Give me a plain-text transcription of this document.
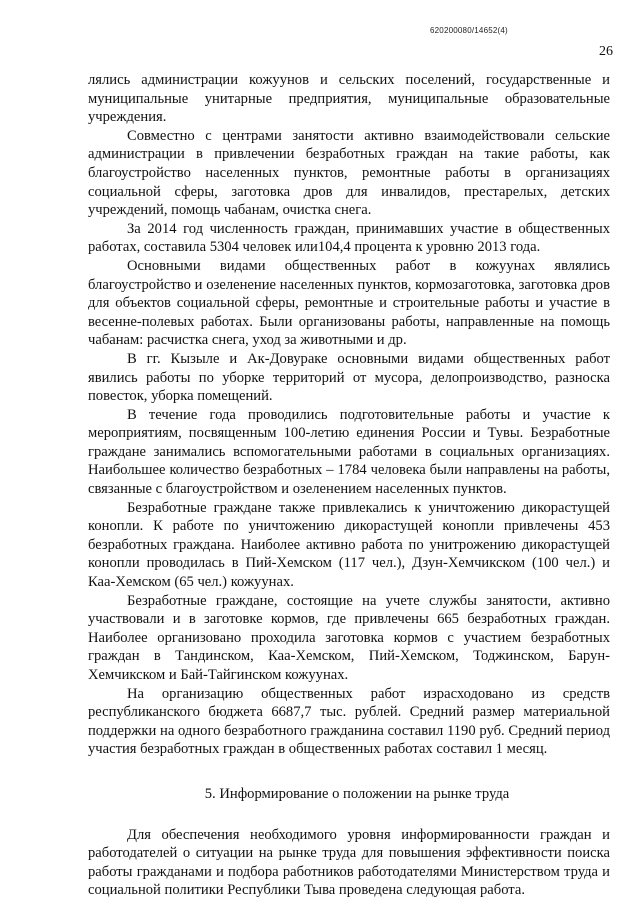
620200080/14652(4)
26

лялись администрации кожуунов и сельских поселений, государственные и муниципальные унитарные предприятия, муниципальные образовательные учреждения.

Совместно с центрами занятости активно взаимодействовали сельские администрации в привлечении безработных граждан на такие работы, как благоустройство населенных пунктов, ремонтные работы в организациях социальной сферы, заготовка дров для инвалидов, престарелых, детских учреждений, помощь чабанам, очистка снега.

За 2014 год численность граждан, принимавших участие в общественных работах, составила 5304 человек или104,4 процента к уровню 2013 года.

Основными видами общественных работ в кожуунах являлись благоустройство и озеленение населенных пунктов, кормозаготовка, заготовка дров для объектов социальной сферы, ремонтные и строительные работы и участие в весенне-полевых работах. Были организованы работы, направленные на помощь чабанам: расчистка снега, уход за животными и др.

В гг. Кызыле и Ак-Довураке основными видами общественных работ явились работы по уборке территорий от мусора, делопроизводство, разноска повесток, уборка помещений.

В течение года проводились подготовительные работы и участие к мероприятиям, посвященным 100-летию единения России и Тувы. Безработные граждане занимались вспомогательными работами в социальных организациях. Наибольшее количество безработных – 1784 человека были направлены на работы, связанные с благоустройством и озеленением населенных пунктов.

Безработные граждане также привлекались к уничтожению дикорастущей конопли. К работе по уничтожению дикорастущей конопли привлечены 453 безработных граждана. Наиболее активно работа по унитрожению дикорастущей конопли проводилась в Пий-Хемском (117 чел.), Дзун-Хемчикском (100 чел.) и Каа-Хемском (65 чел.) кожуунах.

Безработные граждане, состоящие на учете службы занятости, активно участвовали и в заготовке кормов, где привлечены 665 безработных граждан. Наиболее организовано проходила заготовка кормов с участием безработных граждан в Тандинском, Каа-Хемском, Пий-Хемском, Тоджинском, Барун-Хемчикском и Бай-Тайгинском кожуунах.

На организацию общественных работ израсходовано из средств республиканского бюджета 6687,7 тыс. рублей. Средний размер материальной поддержки на одного безработного гражданина составил 1190 руб. Средний период участия безработных граждан в общественных работах составил 1 месяц.

5. Информирование о положении на рынке труда

Для обеспечения необходимого уровня информированности граждан и работодателей о ситуации на рынке труда для повышения эффективности поиска работы гражданами и подбора работников работодателями Министерством труда и социальной политики Республики Тыва проведена следующая работа.
